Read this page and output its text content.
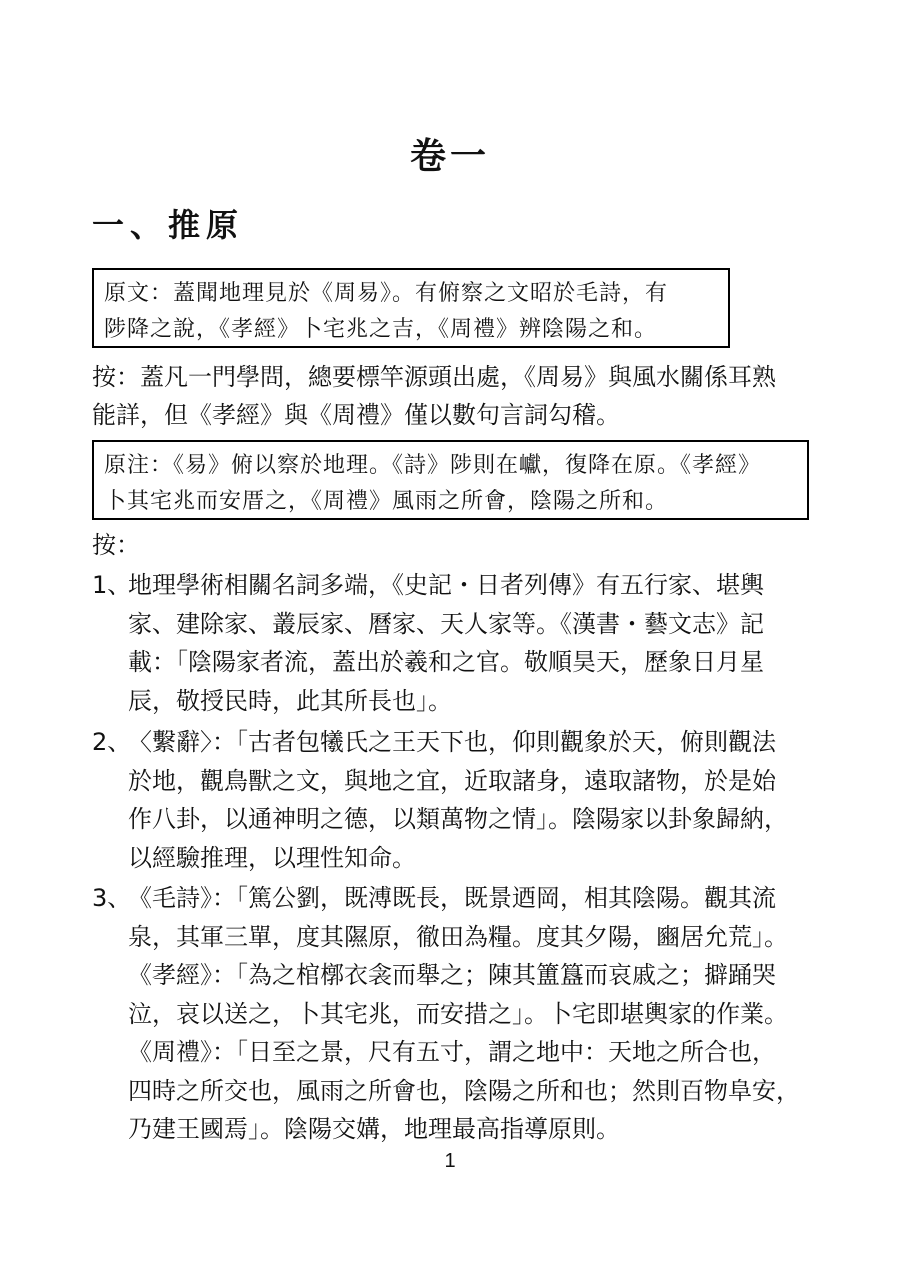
卷一
一、推原
原文：蓋聞地理見於《周易》。有俯察之文昭於毛詩，有
陟降之說，《孝經》卜宅兆之吉，《周禮》辨陰陽之和。
按：蓋凡一門學問，總要標竿源頭出處，《周易》與風水關係耳熟
能詳，但《孝經》與《周禮》僅以數句言詞勾稽。
原注：《易》俯以察於地理。《詩》陟則在巘，復降在原。《孝經》
卜其宅兆而安厝之，《周禮》風雨之所會，陰陽之所和。
按：
1、
地理學術相關名詞多端，《史記・日者列傳》有五行家、堪輿
家、建除家、叢辰家、曆家、天人家等。《漢書・藝文志》記
載：「陰陽家者流，蓋出於羲和之官。敬順昊天，歷象日月星
辰，敬授民時，此其所長也」。
2、
〈繫辭〉：「古者包犧氏之王天下也，仰則觀象於天，俯則觀法
於地，觀鳥獸之文，與地之宜，近取諸身，遠取諸物，於是始
作八卦，以通神明之德，以類萬物之情」。陰陽家以卦象歸納，
以經驗推理，以理性知命。
3、
《毛詩》：「篤公劉，既溥既長，既景迺岡，相其陰陽。觀其流
泉，其軍三單，度其隰原，徹田為糧。度其夕陽，豳居允荒」。
《孝經》：「為之棺槨衣衾而舉之；陳其簠簋而哀戚之；擗踊哭
泣，哀以送之，卜其宅兆，而安措之」。卜宅即堪輿家的作業。
《周禮》：「日至之景，尺有五寸，謂之地中：天地之所合也，
四時之所交也，風雨之所會也，陰陽之所和也；然則百物阜安，
乃建王國焉」。陰陽交媾，地理最高指導原則。
1
